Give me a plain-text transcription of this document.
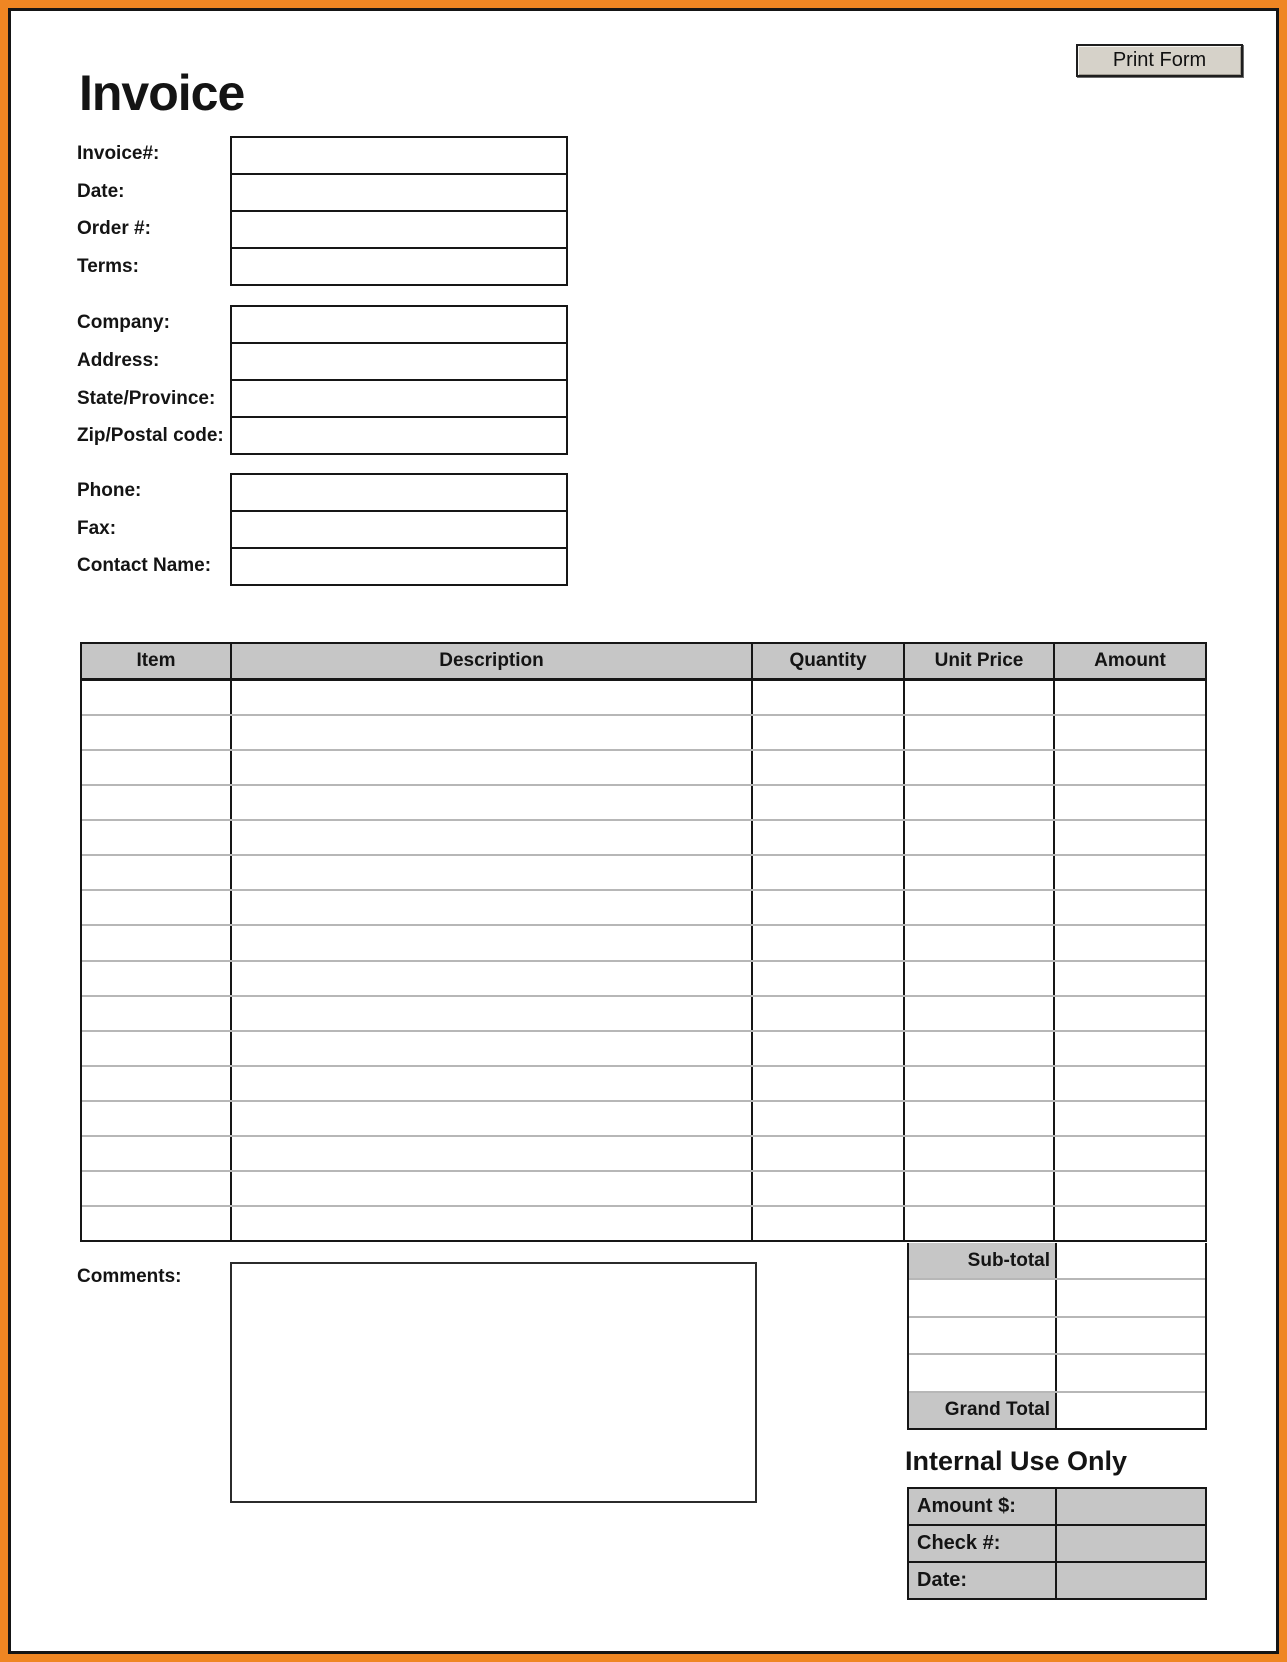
Print Form
Invoice
Invoice#:
Date:
Order #:
Terms:
Company:
Address:
State/Province:
Zip/Postal code:
Phone:
Fax:
Contact Name:
Item	Description	Quantity	Unit Price	Amount
Comments:
Sub-total
Grand Total
Internal Use Only
Amount $:
Check #:
Date:
